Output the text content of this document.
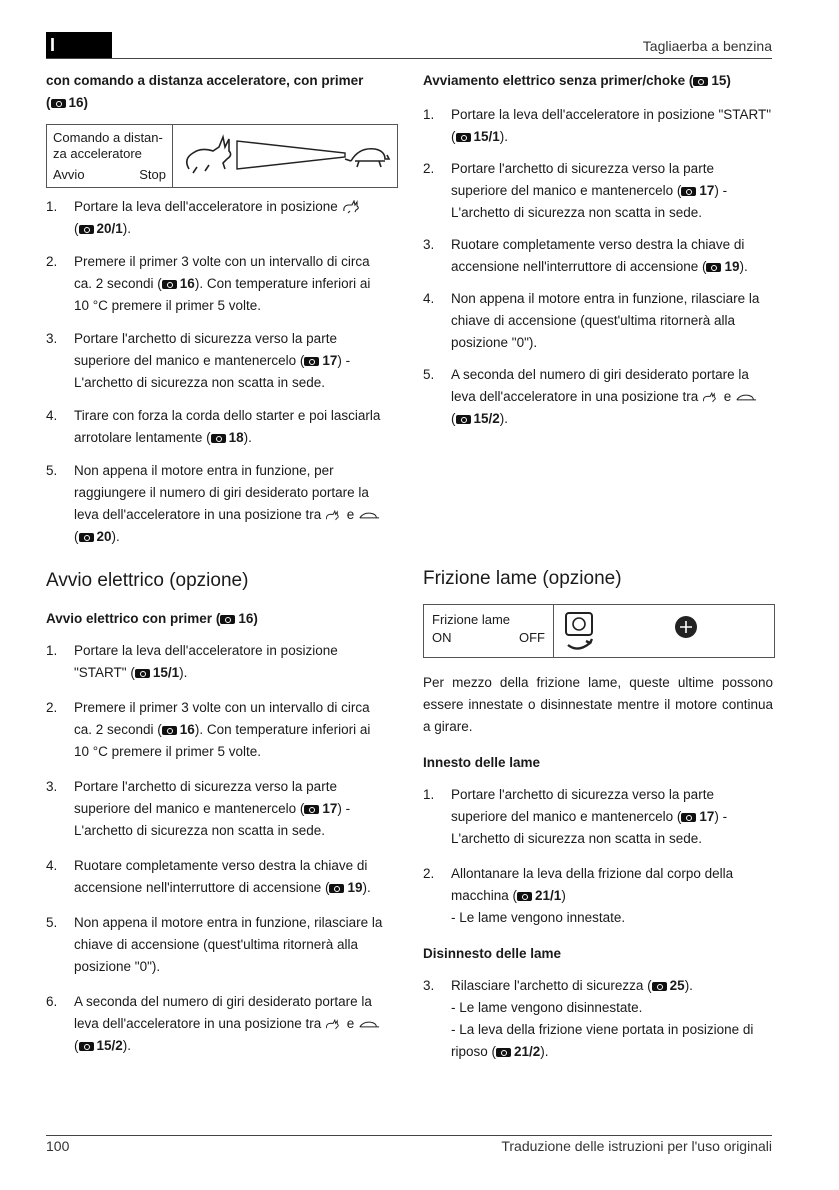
I	Tagliaerba a benzina

con comando a distanza acceleratore, con primer
( 16)

Comando a distan-
za acceleratore
Avvio	Stop
1. Portare la leva dell'acceleratore in posizione
( 20/1).
2. Premere il primer 3 volte con un intervallo di circa ca. 2 secondi ( 16). Con temperature inferiori ai 10 °C premere il primer 5 volte.
3. Portare l'archetto di sicurezza verso la parte superiore del manico e mantenercelo ( 17) - L'archetto di sicurezza non scatta in sede.
4. Tirare con forza la corda dello starter e poi lasciarla arrotolare lentamente ( 18).
5. Non appena il motore entra in funzione, per raggiungere il numero di giri desiderato portare la leva dell'acceleratore in una posizione tra e
( 20).
Avvio elettrico (opzione)

Avvio elettrico con primer ( 16)

1. Portare la leva dell'acceleratore in posizione "START" ( 15/1).
2. Premere il primer 3 volte con un intervallo di circa ca. 2 secondi ( 16). Con temperature inferiori ai 10 °C premere il primer 5 volte.
3. Portare l'archetto di sicurezza verso la parte superiore del manico e mantenercelo ( 17) - L'archetto di sicurezza non scatta in sede.
4. Ruotare completamente verso destra la chiave di accensione nell'interruttore di accensione ( 19).
5. Non appena il motore entra in funzione, rilasciare la chiave di accensione (quest'ultima ritornerà alla posizione "0").
6. A seconda del numero di giri desiderato portare la leva dell'acceleratore in una posizione tra e
( 15/2).

Avviamento elettrico senza primer/choke ( 15)

1. Portare la leva dell'acceleratore in posizione "START" ( 15/1).
2. Portare l'archetto di sicurezza verso la parte superiore del manico e mantenercelo ( 17) - L'archetto di sicurezza non scatta in sede.
3. Ruotare completamente verso destra la chiave di accensione nell'interruttore di accensione ( 19).
4. Non appena il motore entra in funzione, rilasciare la chiave di accensione (quest'ultima ritornerà alla posizione "0").
5. A seconda del numero di giri desiderato portare la leva dell'acceleratore in una posizione tra e
( 15/2).
Frizione lame (opzione)
Frizione lame
ON	OFF

Per mezzo della frizione lame, queste ultime possono essere innestate o disinnestate mentre il motore continua a girare.

Innesto delle lame

1. Portare l'archetto di sicurezza verso la parte superiore del manico e mantenercelo ( 17) - L'archetto di sicurezza non scatta in sede.
2. Allontanare la leva della frizione dal corpo della macchina ( 21/1)
- Le lame vengono innestate.

Disinnesto delle lame

3. Rilasciare l'archetto di sicurezza ( 25).
- Le lame vengono disinnestate.
- La leva della frizione viene portata in posizione di riposo ( 21/2).
100	Traduzione delle istruzioni per l'uso originali
